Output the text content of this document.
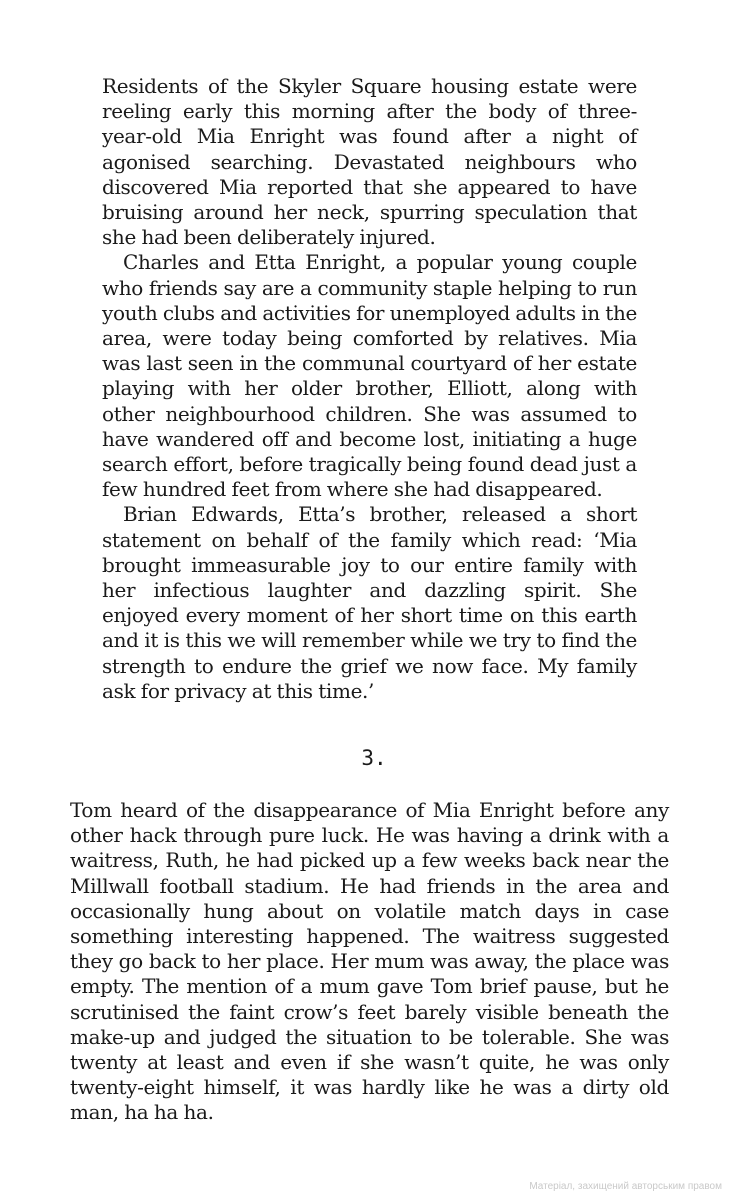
Residents of the Skyler Square housing estate were reeling early this morning after the body of three-year-old Mia Enright was found after a night of agonised searching. Devastated neighbours who discovered Mia reported that she appeared to have bruising around her neck, spurring speculation that she had been deliberately injured.

Charles and Etta Enright, a popular young couple who friends say are a community staple helping to run youth clubs and activities for unemployed adults in the area, were today being comforted by relatives. Mia was last seen in the communal courtyard of her estate playing with her older brother, Elliott, along with other neighbourhood children. She was assumed to have wandered off and become lost, initiating a huge search effort, before tragically being found dead just a few hundred feet from where she had disappeared.

Brian Edwards, Etta’s brother, released a short statement on behalf of the family which read: ‘Mia brought immeasurable joy to our entire family with her infectious laughter and dazzling spirit. She enjoyed every moment of her short time on this earth and it is this we will remember while we try to find the strength to endure the grief we now face. My family ask for privacy at this time.’

3.

Tom heard of the disappearance of Mia Enright before any other hack through pure luck. He was having a drink with a waitress, Ruth, he had picked up a few weeks back near the Millwall football stadium. He had friends in the area and occasionally hung about on volatile match days in case something interesting happened. The waitress suggested they go back to her place. Her mum was away, the place was empty. The mention of a mum gave Tom brief pause, but he scrutinised the faint crow’s feet barely visible beneath the make-up and judged the situation to be tolerable. She was twenty at least and even if she wasn’t quite, he was only twenty-eight himself, it was hardly like he was a dirty old man, ha ha ha.

Матеріал, захищений авторським правом
